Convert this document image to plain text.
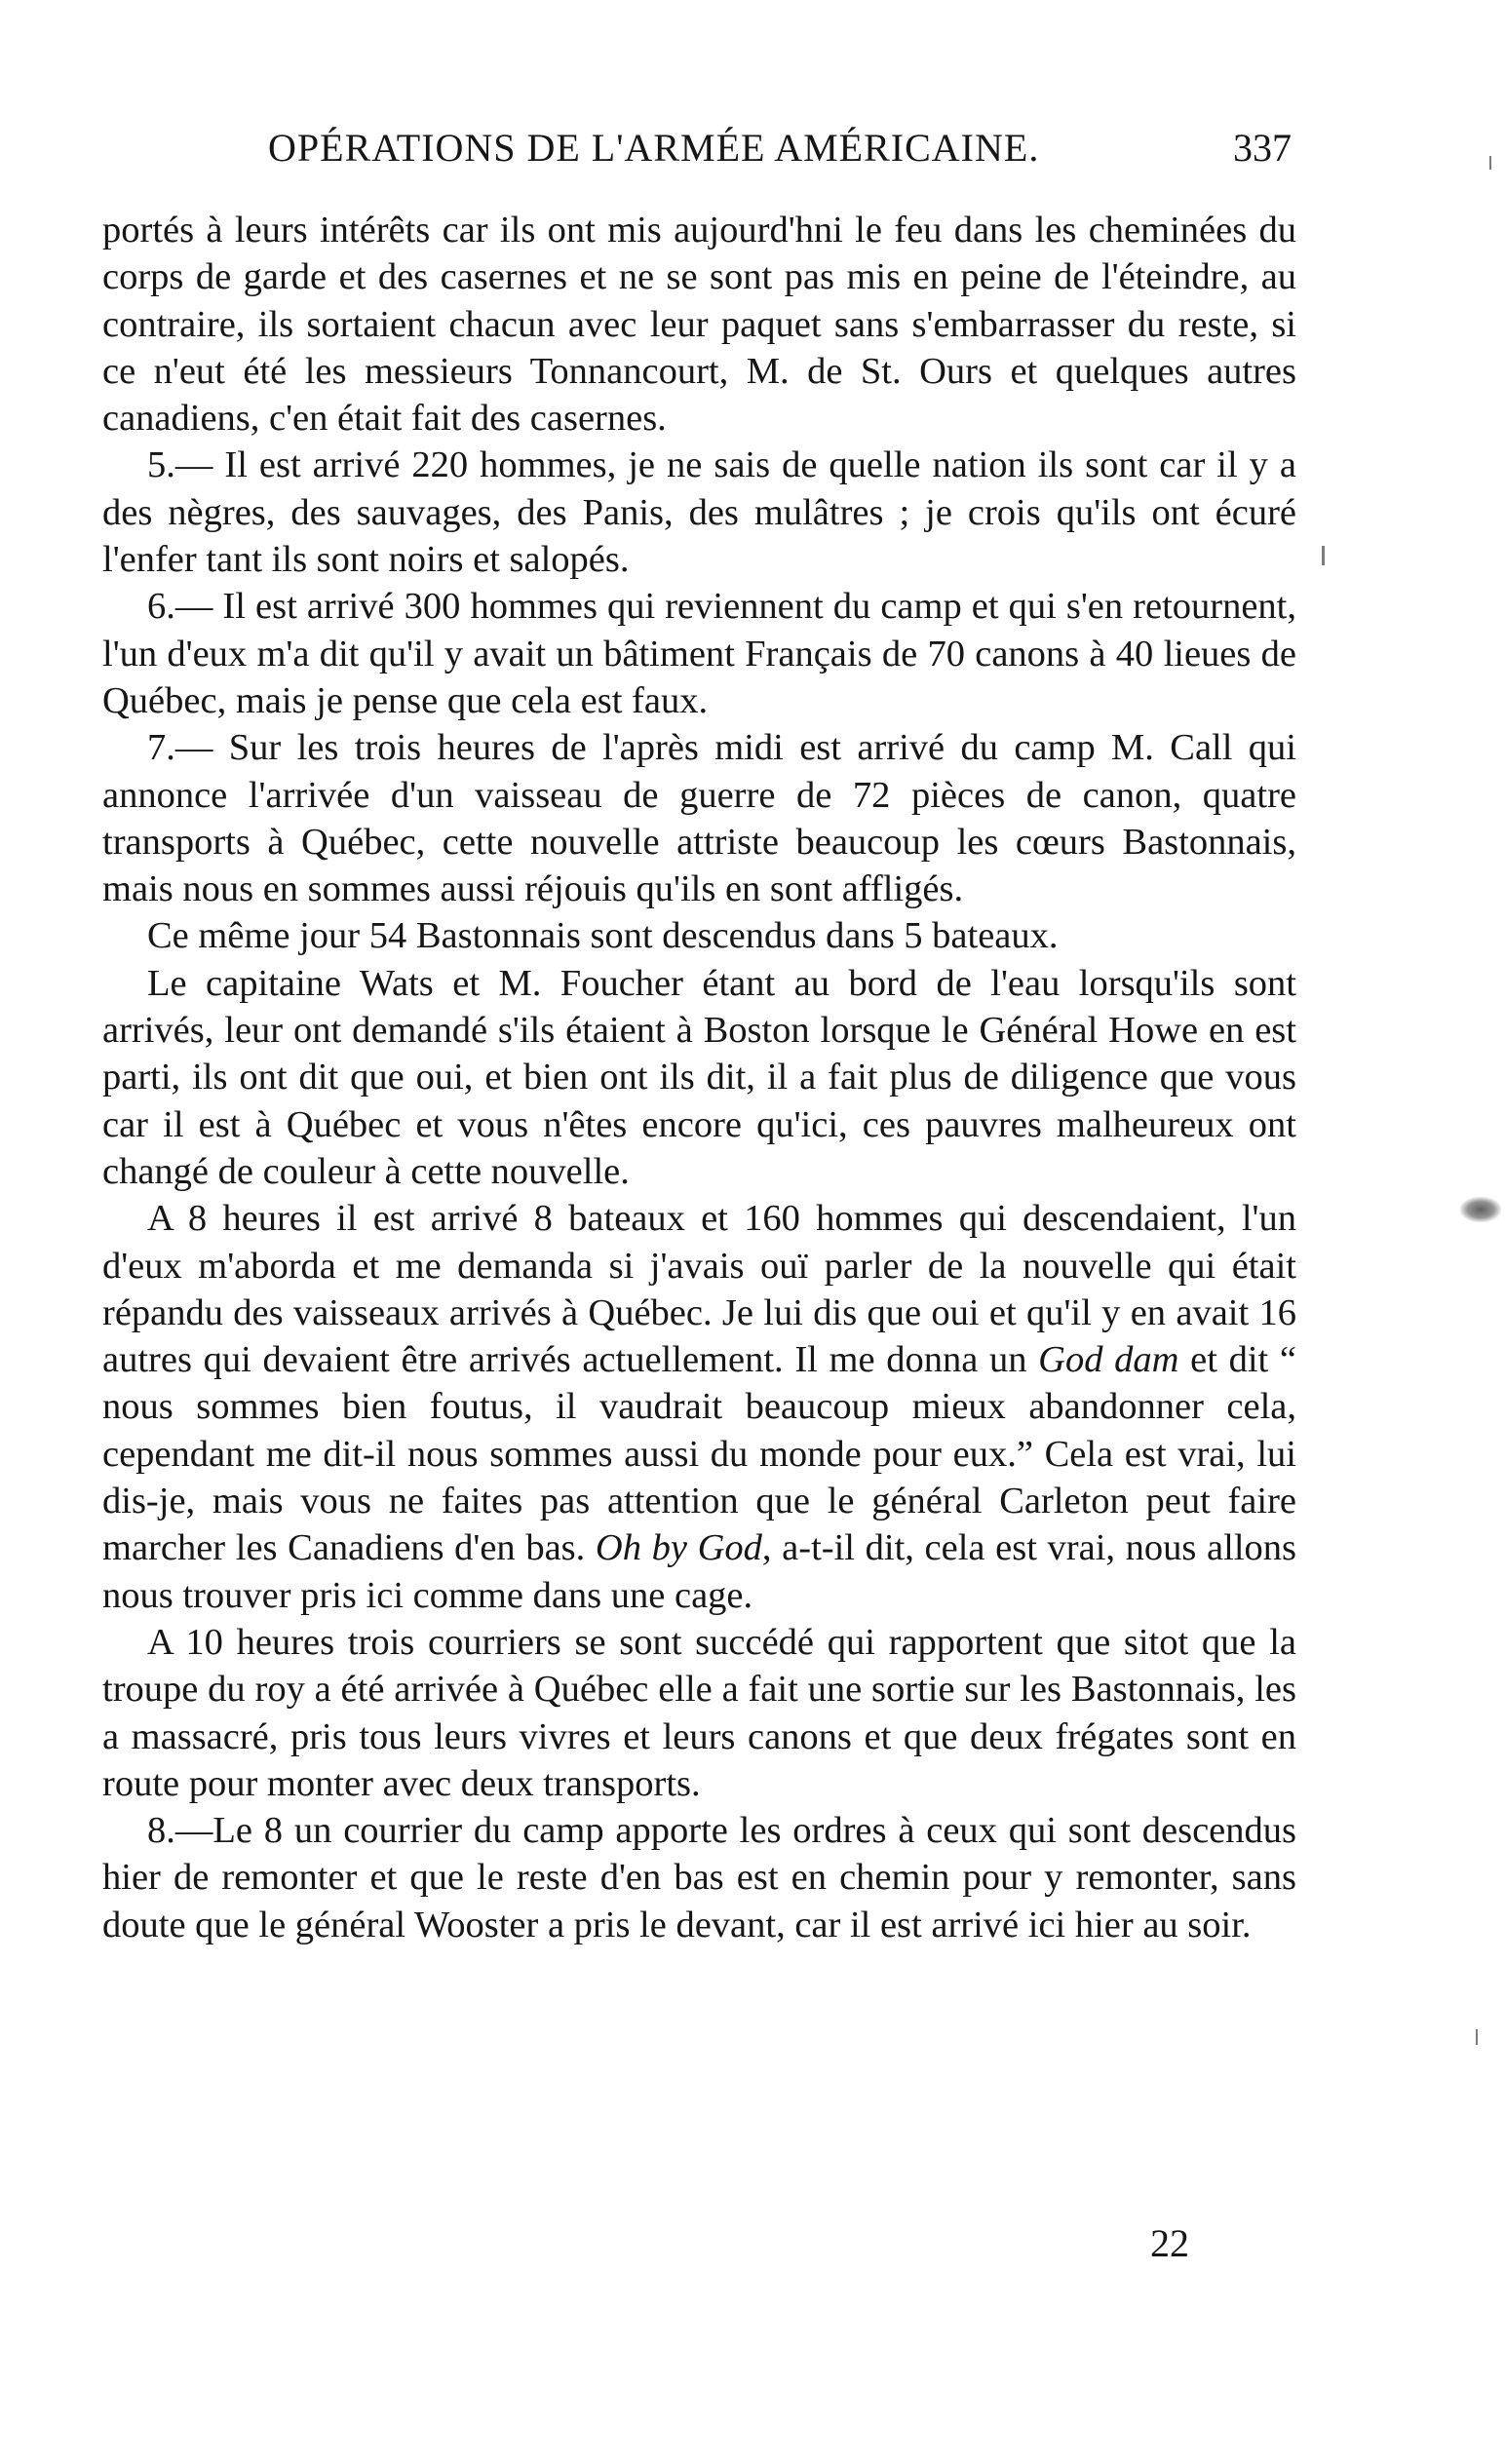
OPÉRATIONS DE L'ARMÉE AMÉRICAINE.	337

portés à leurs intérêts car ils ont mis aujourd'hni le feu dans les cheminées du corps de garde et des casernes et ne se sont pas mis en peine de l'éteindre, au contraire, ils sortaient chacun avec leur paquet sans s'embarrasser du reste, si ce n'eut été les messieurs Tonnancourt, M. de St. Ours et quelques autres canadiens, c'en était fait des casernes.

5.— Il est arrivé 220 hommes, je ne sais de quelle nation ils sont car il y a des nègres, des sauvages, des Panis, des mulâtres ; je crois qu'ils ont écuré l'enfer tant ils sont noirs et salopés.

6.— Il est arrivé 300 hommes qui reviennent du camp et qui s'en retournent, l'un d'eux m'a dit qu'il y avait un bâtiment Français de 70 canons à 40 lieues de Québec, mais je pense que cela est faux.

7.— Sur les trois heures de l'après midi est arrivé du camp M. Call qui annonce l'arrivée d'un vaisseau de guerre de 72 pièces de canon, quatre transports à Québec, cette nouvelle attriste beaucoup les cœurs Bastonnais, mais nous en sommes aussi réjouis qu'ils en sont affligés.

Ce même jour 54 Bastonnais sont descendus dans 5 bateaux.

Le capitaine Wats et M. Foucher étant au bord de l'eau lorsqu'ils sont arrivés, leur ont demandé s'ils étaient à Boston lorsque le Général Howe en est parti, ils ont dit que oui, et bien ont ils dit, il a fait plus de diligence que vous car il est à Québec et vous n'êtes encore qu'ici, ces pauvres malheureux ont changé de couleur à cette nouvelle.

A 8 heures il est arrivé 8 bateaux et 160 hommes qui descendaient, l'un d'eux m'aborda et me demanda si j'avais ouï parler de la nouvelle qui était répandu des vaisseaux arrivés à Québec. Je lui dis que oui et qu'il y en avait 16 autres qui devaient être arrivés actuellement. Il me donna un God dam et dit “ nous sommes bien foutus, il vaudrait beaucoup mieux abandonner cela, cependant me dit-il nous sommes aussi du monde pour eux.” Cela est vrai, lui dis-je, mais vous ne faites pas attention que le général Carleton peut faire marcher les Canadiens d'en bas. Oh by God, a-t-il dit, cela est vrai, nous allons nous trouver pris ici comme dans une cage.

A 10 heures trois courriers se sont succédé qui rapportent que sitot que la troupe du roy a été arrivée à Québec elle a fait une sortie sur les Bastonnais, les a massacré, pris tous leurs vivres et leurs canons et que deux frégates sont en route pour monter avec deux transports.

8.—Le 8 un courrier du camp apporte les ordres à ceux qui sont descendus hier de remonter et que le reste d'en bas est en chemin pour y remonter, sans doute que le général Wooster a pris le devant, car il est arrivé ici hier au soir.

22
